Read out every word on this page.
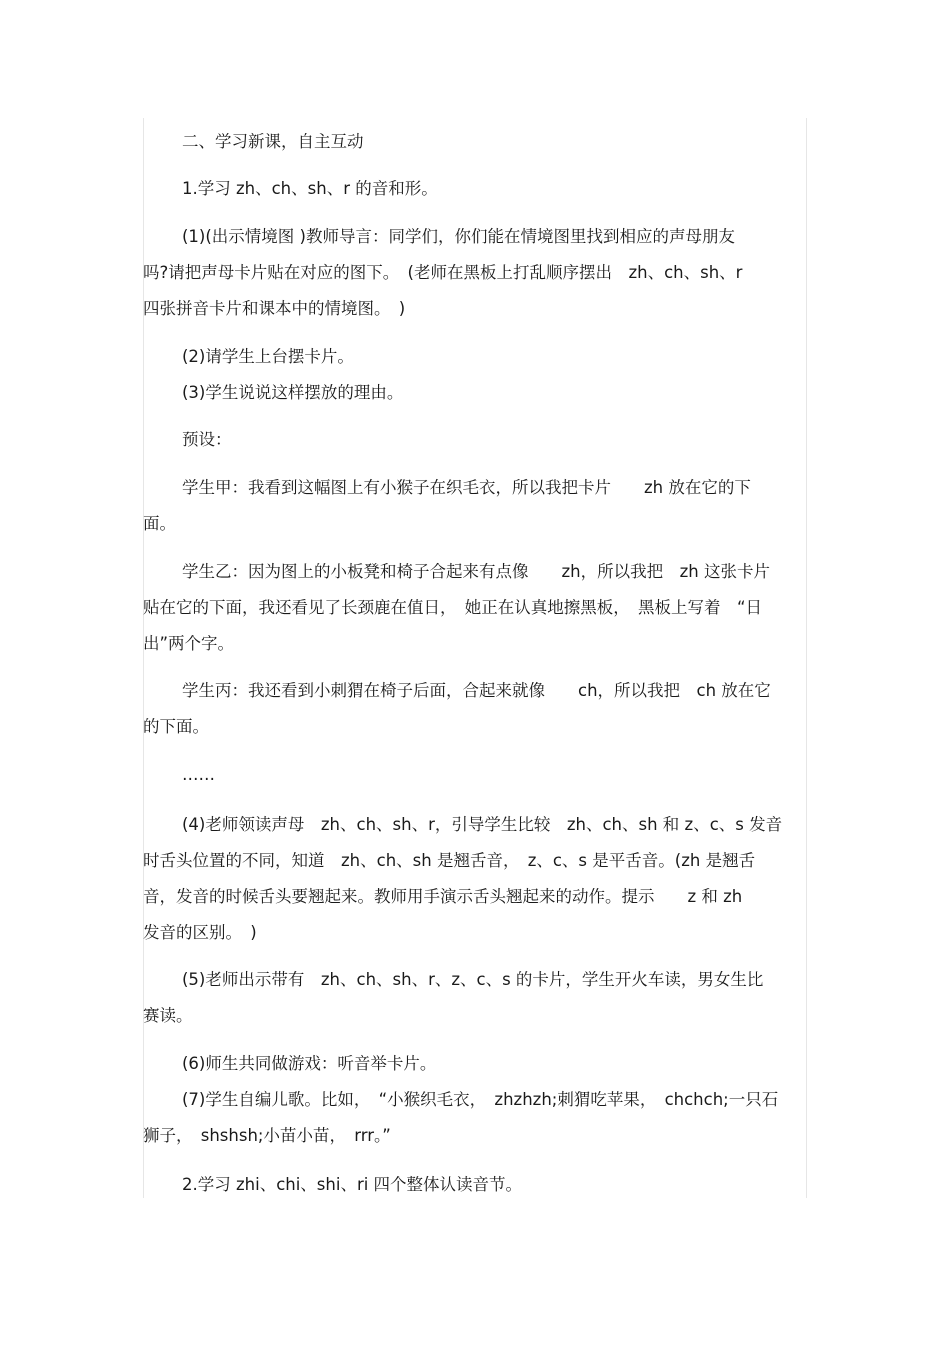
二、学习新课，自主互动
1.学习 zh、ch、sh、r 的音和形。
(1)(出示情境图 )教师导言：同学们，你们能在情境图里找到相应的声母朋友
吗?请把声母卡片贴在对应的图下。　(老师在黑板上打乱顺序摆出　zh、ch、sh、r
四张拼音卡片和课本中的情境图。　)
(2)请学生上台摆卡片。
(3)学生说说这样摆放的理由。
预设：
学生甲：我看到这幅图上有小猴子在织毛衣，所以我把卡片　　zh 放在它的下
面。
学生乙：因为图上的小板凳和椅子合起来有点像　　zh，所以我把　zh 这张卡片
贴在它的下面，我还看见了长颈鹿在值日，　她正在认真地擦黑板，　黑板上写着　“日
出”两个字。
学生丙：我还看到小刺猬在椅子后面，合起来就像　　ch，所以我把　ch 放在它
的下面。
……
(4)老师领读声母　zh、ch、sh、r，引导学生比较　zh、ch、sh 和 z、c、s 发音
时舌头位置的不同，知道　zh、ch、sh 是翘舌音，　z、c、s 是平舌音。(zh 是翘舌
音，发音的时候舌头要翘起来。教师用手演示舌头翘起来的动作。提示　　z 和 zh
发音的区别。　)
(5)老师出示带有　zh、ch、sh、r、z、c、s 的卡片，学生开火车读，男女生比
赛读。
(6)师生共同做游戏：听音举卡片。
(7)学生自编儿歌。比如，　“小猴织毛衣，　zhzhzh;刺猬吃苹果，　chchch;一只石
狮子，　shshsh;小苗小苗，　rrr。”
2.学习 zhi、chi、shi、ri 四个整体认读音节。
